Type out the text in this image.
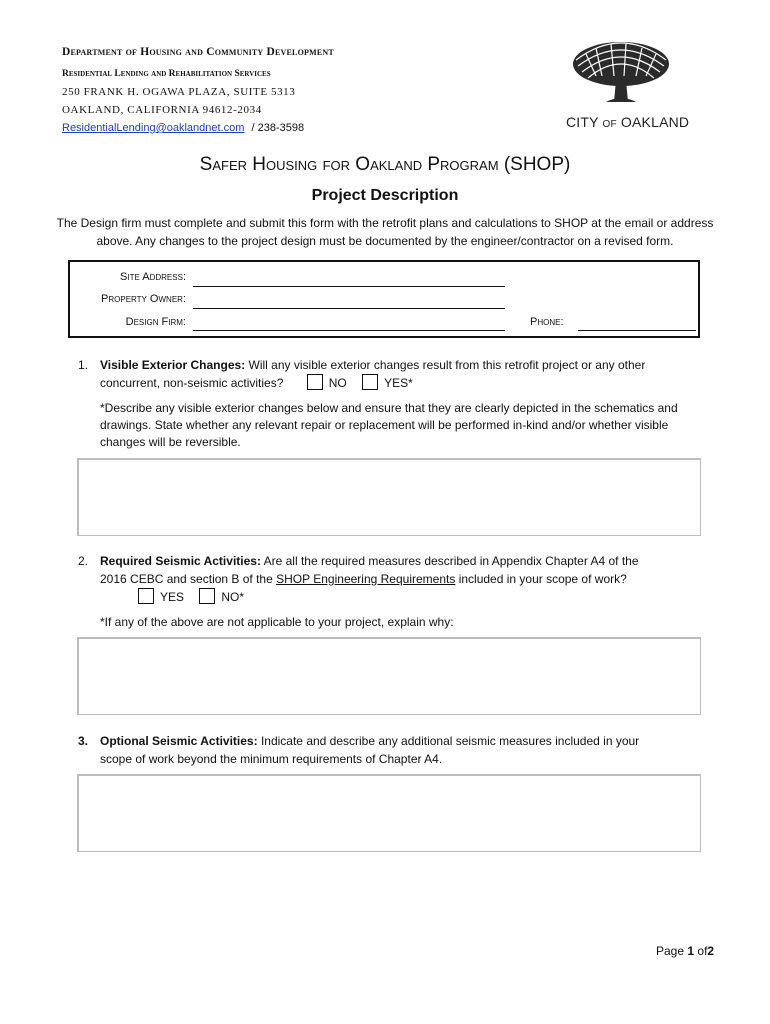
Department of Housing and Community Development
Residential Lending and Rehabilitation Services
250 FRANK H. OGAWA PLAZA, SUITE 5313
OAKLAND, CALIFORNIA 94612-2034
ResidentialLending@oaklandnet.com / 238-3598	CITY OF OAKLAND
Safer Housing for Oakland Program (SHOP)
Project Description
The Design firm must complete and submit this form with the retrofit plans and calculations to SHOP at the email or address above. Any changes to the project design must be documented by the engineer/contractor on a revised form.
Site Address:
Property Owner:
Design Firm:	Phone:
1. Visible Exterior Changes: Will any visible exterior changes result from this retrofit project or any other
concurrent, non-seismic activities?	NO	YES*
*Describe any visible exterior changes below and ensure that they are clearly depicted in the schematics and drawings. State whether any relevant repair or replacement will be performed in-kind and/or whether visible changes will be reversible.
2. Required Seismic Activities: Are all the required measures described in Appendix Chapter A4 of the
2016 CEBC and section B of the SHOP Engineering Requirements included in your scope of work?
YES	NO*
*If any of the above are not applicable to your project, explain why:
3. Optional Seismic Activities: Indicate and describe any additional seismic measures included in your
scope of work beyond the minimum requirements of Chapter A4.
Page 1 of2
